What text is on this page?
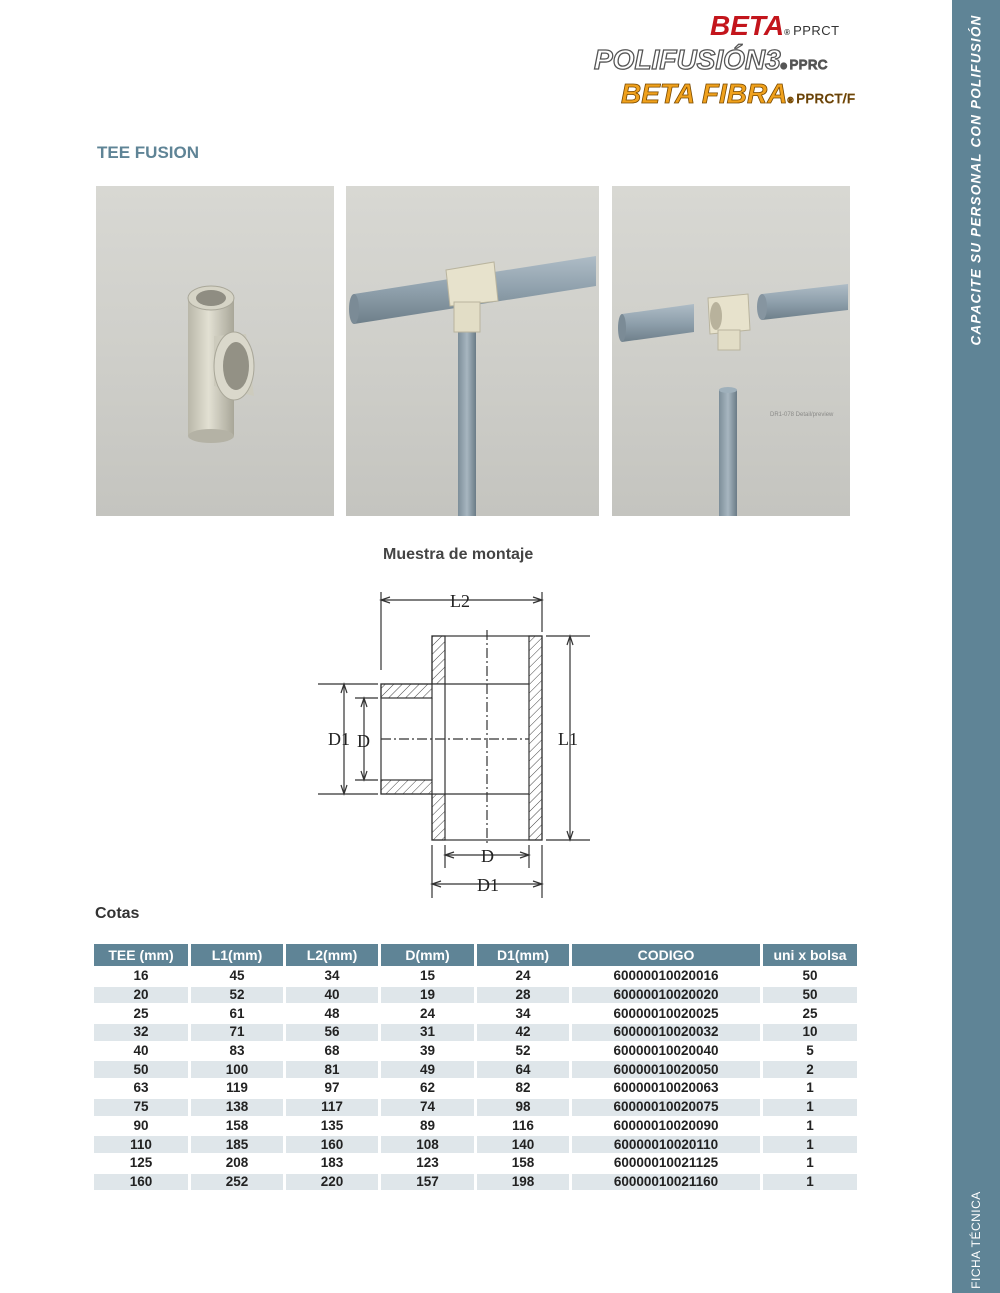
CAPACITE SU PERSONAL CON POLIFUSIÓN
FICHA TÉCNICA
BETA® PPRCT
POLIFUSIÓN3® PPRC
BETA FIBRA® PPRCT/F
TEE FUSION
DR1-078 Detail/preview
Muestra de montaje
L2
L1
D1 D
D
D1
Cotas
TEE (mm)	L1(mm)	L2(mm)	D(mm)	D1(mm)	CODIGO	uni x bolsa
16	45	34	15	24	60000010020016	50
20	52	40	19	28	60000010020020	50
25	61	48	24	34	60000010020025	25
32	71	56	31	42	60000010020032	10
40	83	68	39	52	60000010020040	5
50	100	81	49	64	60000010020050	2
63	119	97	62	82	60000010020063	1
75	138	117	74	98	60000010020075	1
90	158	135	89	116	60000010020090	1
110	185	160	108	140	60000010020110	1
125	208	183	123	158	60000010021125	1
160	252	220	157	198	60000010021160	1
